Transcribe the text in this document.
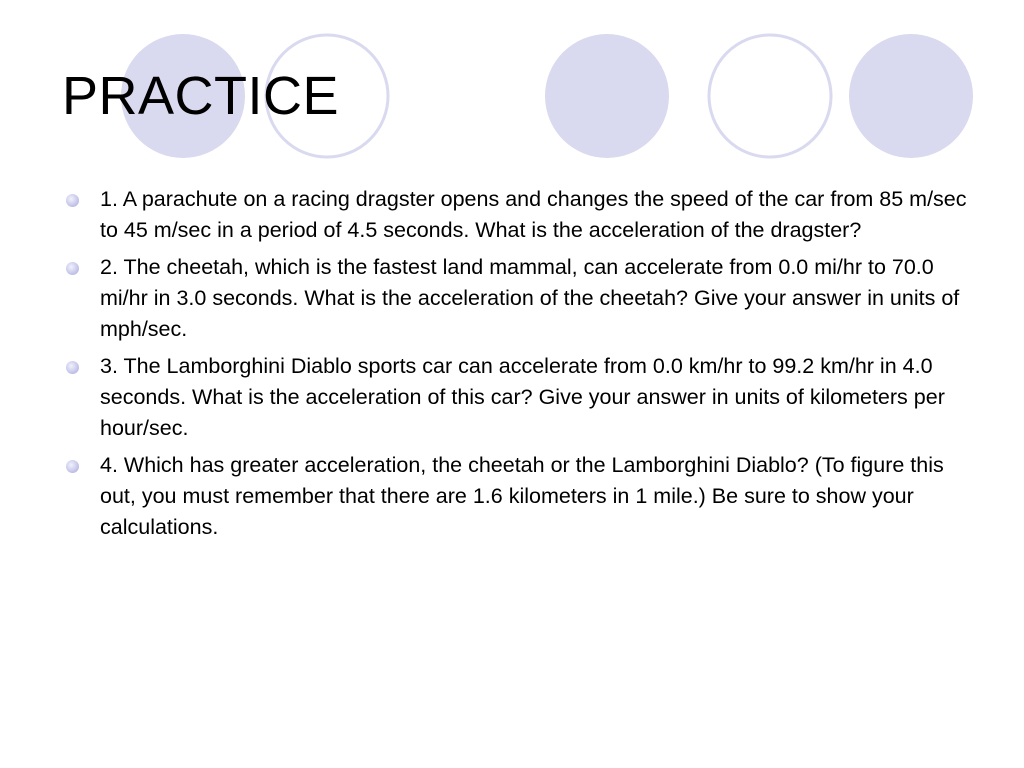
PRACTICE
1. A parachute on a racing dragster opens and changes the speed of the car from 85 m/sec to 45 m/sec in a period of 4.5 seconds. What is the acceleration of the dragster?
2. The cheetah, which is the fastest land mammal, can accelerate from 0.0 mi/hr to 70.0 mi/hr in 3.0 seconds. What is the acceleration of the cheetah? Give your answer in units of mph/sec.
3. The Lamborghini Diablo sports car can accelerate from 0.0 km/hr to 99.2 km/hr in 4.0 seconds. What is the acceleration of this car? Give your answer in units of kilometers per hour/sec.
4. Which has greater acceleration, the cheetah or the Lamborghini Diablo? (To figure this out, you must remember that there are 1.6 kilometers in 1 mile.) Be sure to show your calculations.
